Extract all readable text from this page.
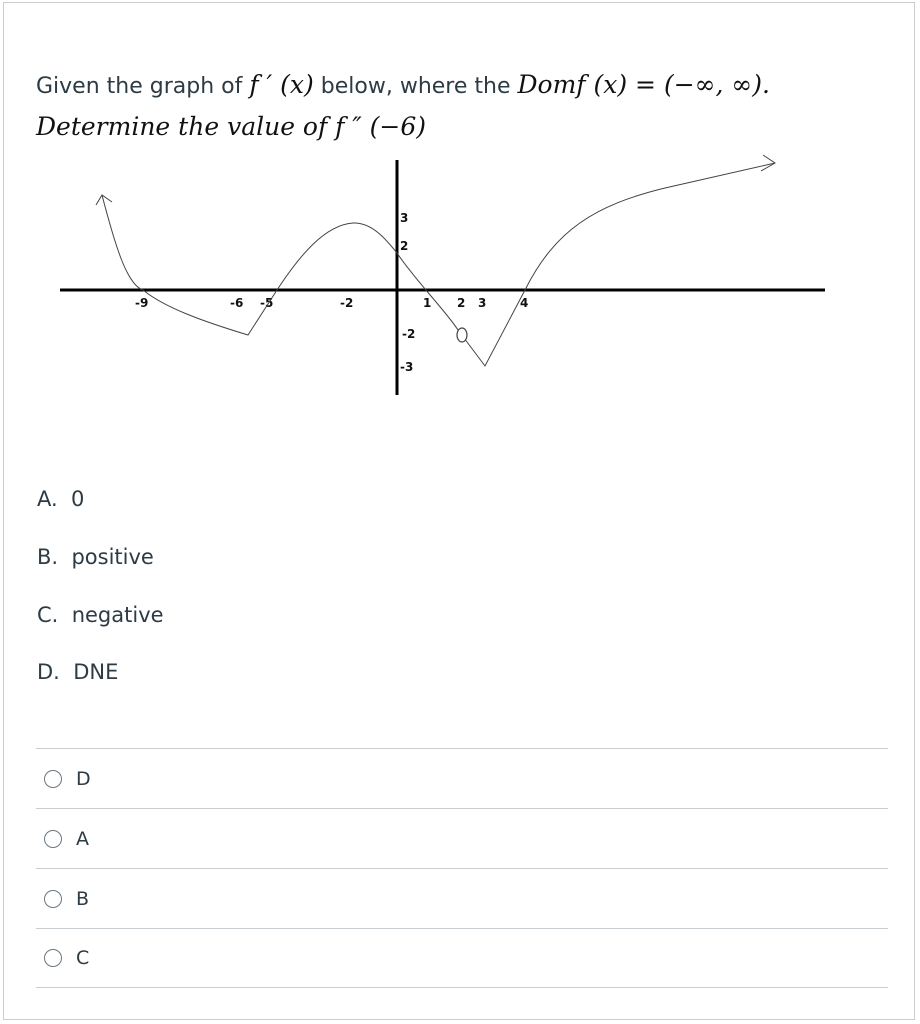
Given the graph of f ′ (x) below, where the Domf (x) = (−∞, ∞).
Determine the value of f ″ (−6)
-9	-6 -5	-2	1 2 3	4
3
2
-2
-3
A. 0
B. positive
C. negative
D. DNE
D
A
B
C
